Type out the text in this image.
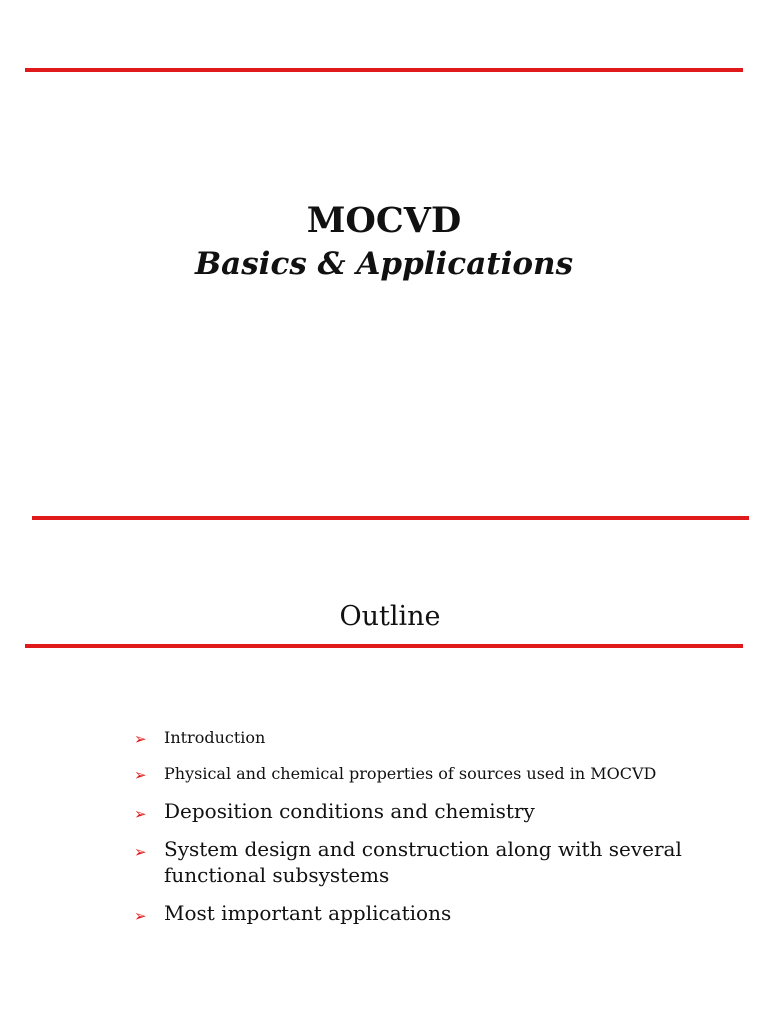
MOCVD
Basics & Applications
Outline
➢ Introduction
➢ Physical and chemical properties of sources used in MOCVD
➢ Deposition conditions and chemistry
➢ System design and construction along with several functional subsystems
➢ Most important applications
